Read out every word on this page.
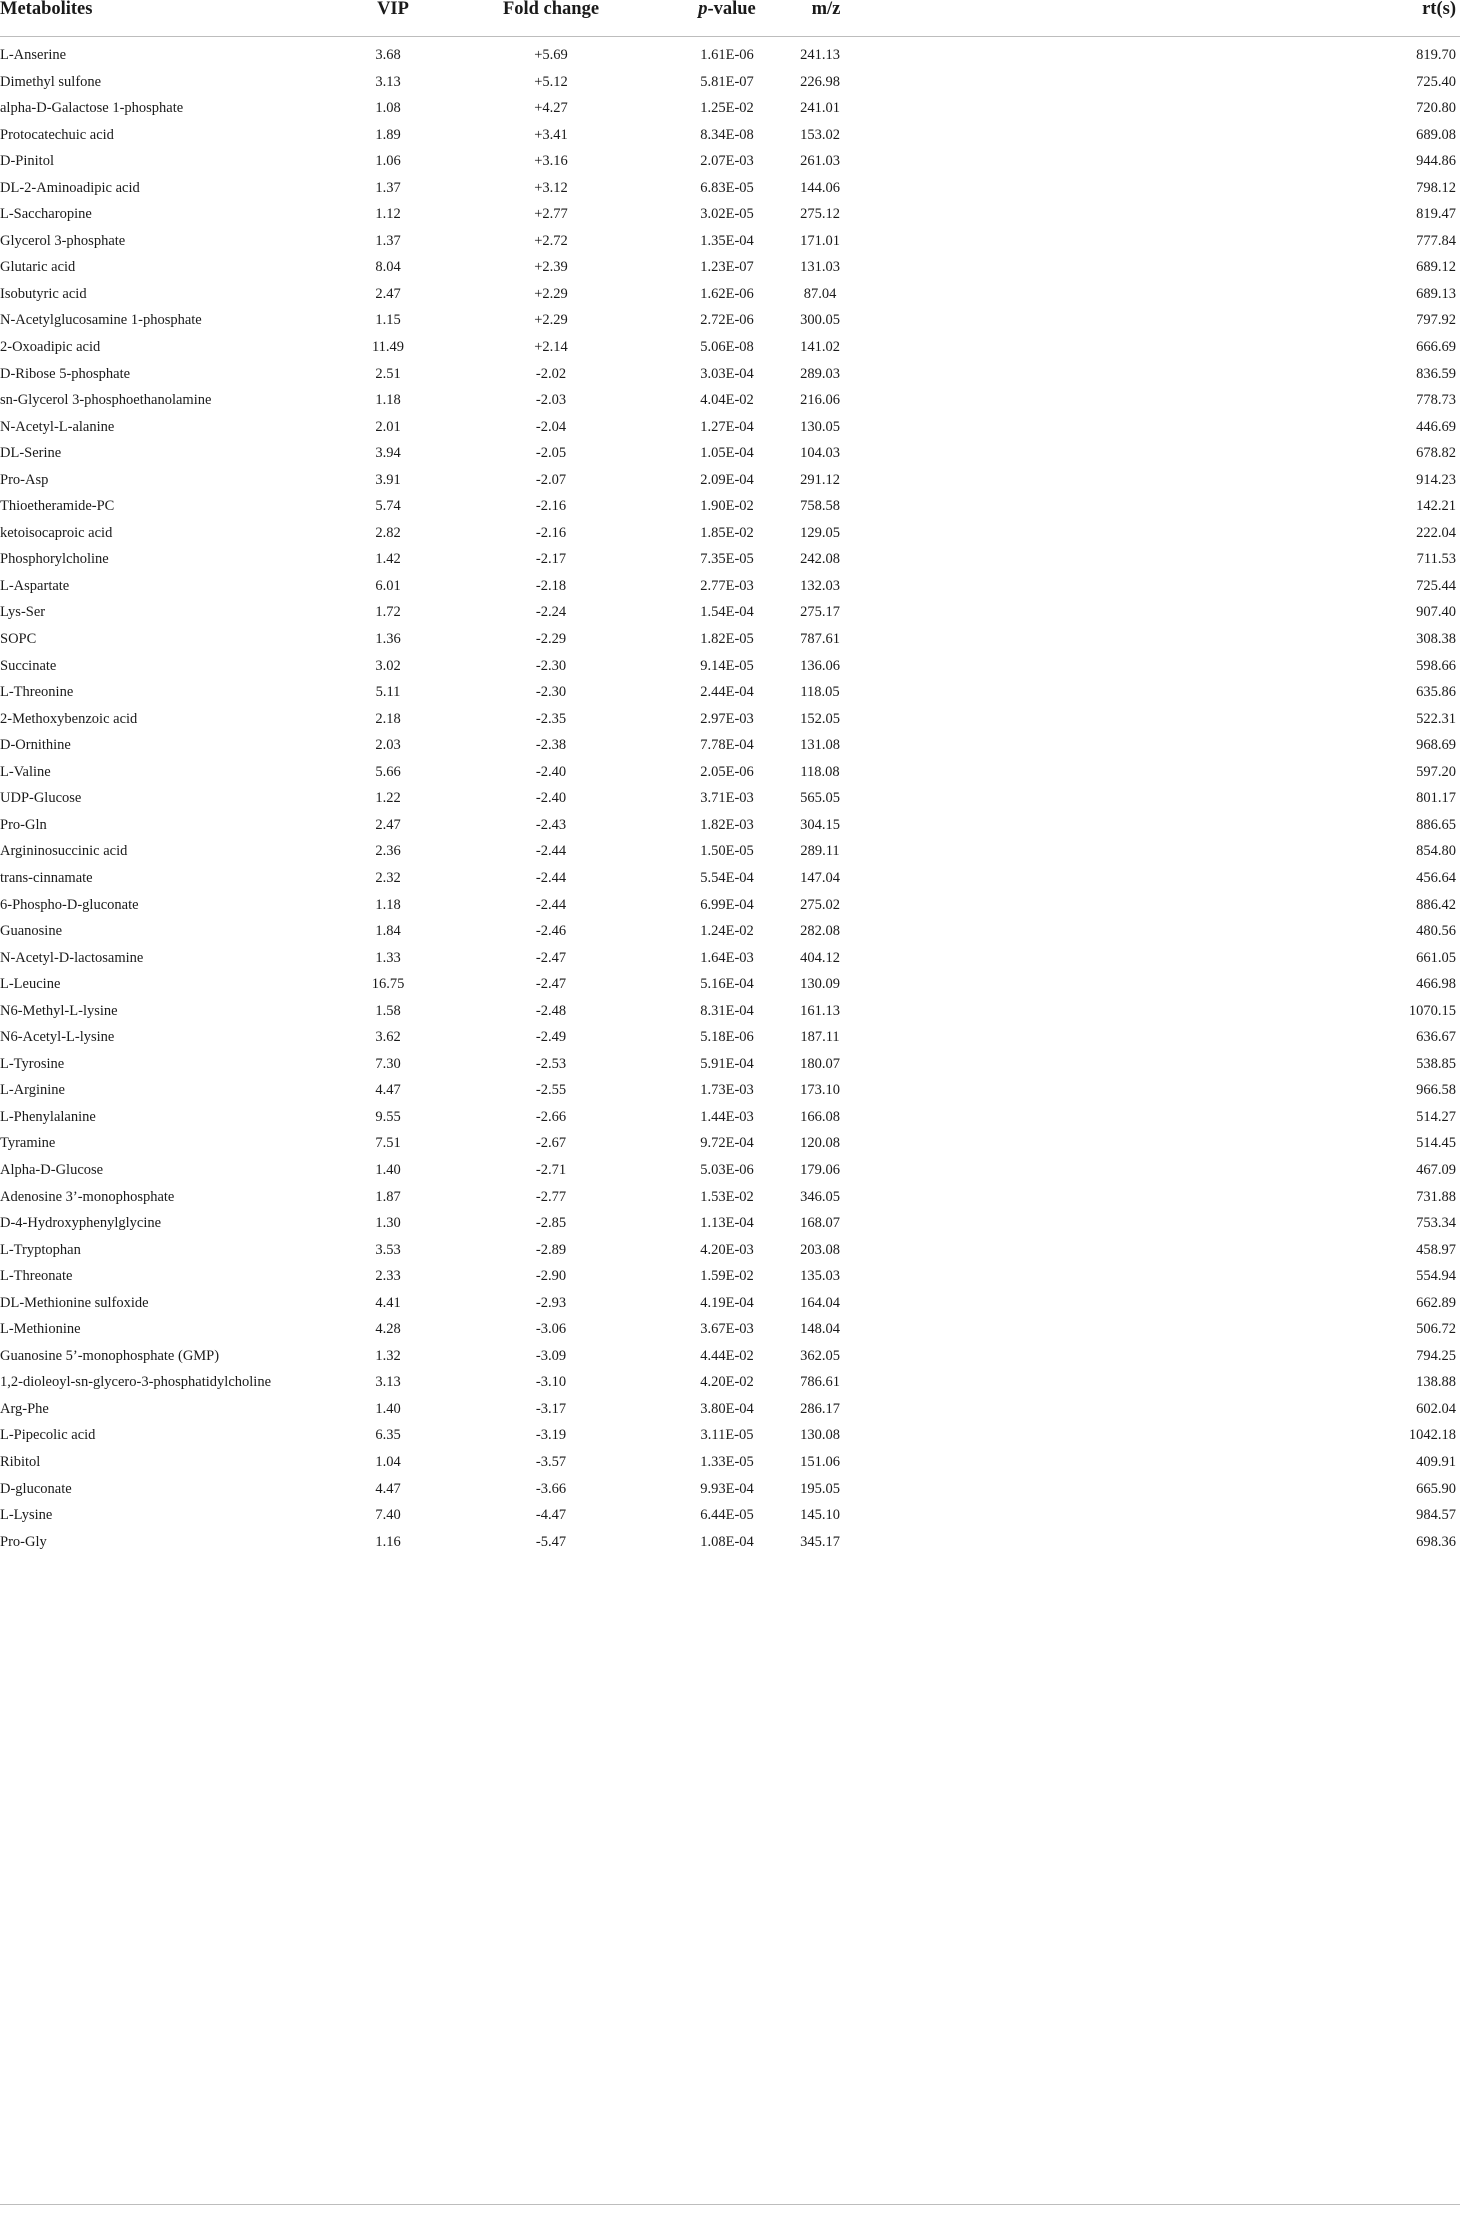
Metabolites	VIP	Fold change	p-value	m/z	rt(s)
L-Anserine	3.68	+5.69	1.61E-06	241.13	819.70
Dimethyl sulfone	3.13	+5.12	5.81E-07	226.98	725.40
alpha-D-Galactose 1-phosphate	1.08	+4.27	1.25E-02	241.01	720.80
Protocatechuic acid	1.89	+3.41	8.34E-08	153.02	689.08
D-Pinitol	1.06	+3.16	2.07E-03	261.03	944.86
DL-2-Aminoadipic acid	1.37	+3.12	6.83E-05	144.06	798.12
L-Saccharopine	1.12	+2.77	3.02E-05	275.12	819.47
Glycerol 3-phosphate	1.37	+2.72	1.35E-04	171.01	777.84
Glutaric acid	8.04	+2.39	1.23E-07	131.03	689.12
Isobutyric acid	2.47	+2.29	1.62E-06	87.04	689.13
N-Acetylglucosamine 1-phosphate	1.15	+2.29	2.72E-06	300.05	797.92
2-Oxoadipic acid	11.49	+2.14	5.06E-08	141.02	666.69
D-Ribose 5-phosphate	2.51	-2.02	3.03E-04	289.03	836.59
sn-Glycerol 3-phosphoethanolamine	1.18	-2.03	4.04E-02	216.06	778.73
N-Acetyl-L-alanine	2.01	-2.04	1.27E-04	130.05	446.69
DL-Serine	3.94	-2.05	1.05E-04	104.03	678.82
Pro-Asp	3.91	-2.07	2.09E-04	291.12	914.23
Thioetheramide-PC	5.74	-2.16	1.90E-02	758.58	142.21
ketoisocaproic acid	2.82	-2.16	1.85E-02	129.05	222.04
Phosphorylcholine	1.42	-2.17	7.35E-05	242.08	711.53
L-Aspartate	6.01	-2.18	2.77E-03	132.03	725.44
Lys-Ser	1.72	-2.24	1.54E-04	275.17	907.40
SOPC	1.36	-2.29	1.82E-05	787.61	308.38
Succinate	3.02	-2.30	9.14E-05	136.06	598.66
L-Threonine	5.11	-2.30	2.44E-04	118.05	635.86
2-Methoxybenzoic acid	2.18	-2.35	2.97E-03	152.05	522.31
D-Ornithine	2.03	-2.38	7.78E-04	131.08	968.69
L-Valine	5.66	-2.40	2.05E-06	118.08	597.20
UDP-Glucose	1.22	-2.40	3.71E-03	565.05	801.17
Pro-Gln	2.47	-2.43	1.82E-03	304.15	886.65
Argininosuccinic acid	2.36	-2.44	1.50E-05	289.11	854.80
trans-cinnamate	2.32	-2.44	5.54E-04	147.04	456.64
6-Phospho-D-gluconate	1.18	-2.44	6.99E-04	275.02	886.42
Guanosine	1.84	-2.46	1.24E-02	282.08	480.56
N-Acetyl-D-lactosamine	1.33	-2.47	1.64E-03	404.12	661.05
L-Leucine	16.75	-2.47	5.16E-04	130.09	466.98
N6-Methyl-L-lysine	1.58	-2.48	8.31E-04	161.13	1070.15
N6-Acetyl-L-lysine	3.62	-2.49	5.18E-06	187.11	636.67
L-Tyrosine	7.30	-2.53	5.91E-04	180.07	538.85
L-Arginine	4.47	-2.55	1.73E-03	173.10	966.58
L-Phenylalanine	9.55	-2.66	1.44E-03	166.08	514.27
Tyramine	7.51	-2.67	9.72E-04	120.08	514.45
Alpha-D-Glucose	1.40	-2.71	5.03E-06	179.06	467.09
Adenosine 3’-monophosphate	1.87	-2.77	1.53E-02	346.05	731.88
D-4-Hydroxyphenylglycine	1.30	-2.85	1.13E-04	168.07	753.34
L-Tryptophan	3.53	-2.89	4.20E-03	203.08	458.97
L-Threonate	2.33	-2.90	1.59E-02	135.03	554.94
DL-Methionine sulfoxide	4.41	-2.93	4.19E-04	164.04	662.89
L-Methionine	4.28	-3.06	3.67E-03	148.04	506.72
Guanosine 5’-monophosphate (GMP)	1.32	-3.09	4.44E-02	362.05	794.25
1,2-dioleoyl-sn-glycero-3-phosphatidylcholine	3.13	-3.10	4.20E-02	786.61	138.88
Arg-Phe	1.40	-3.17	3.80E-04	286.17	602.04
L-Pipecolic acid	6.35	-3.19	3.11E-05	130.08	1042.18
Ribitol	1.04	-3.57	1.33E-05	151.06	409.91
D-gluconate	4.47	-3.66	9.93E-04	195.05	665.90
L-Lysine	7.40	-4.47	6.44E-05	145.10	984.57
Pro-Gly	1.16	-5.47	1.08E-04	345.17	698.36
